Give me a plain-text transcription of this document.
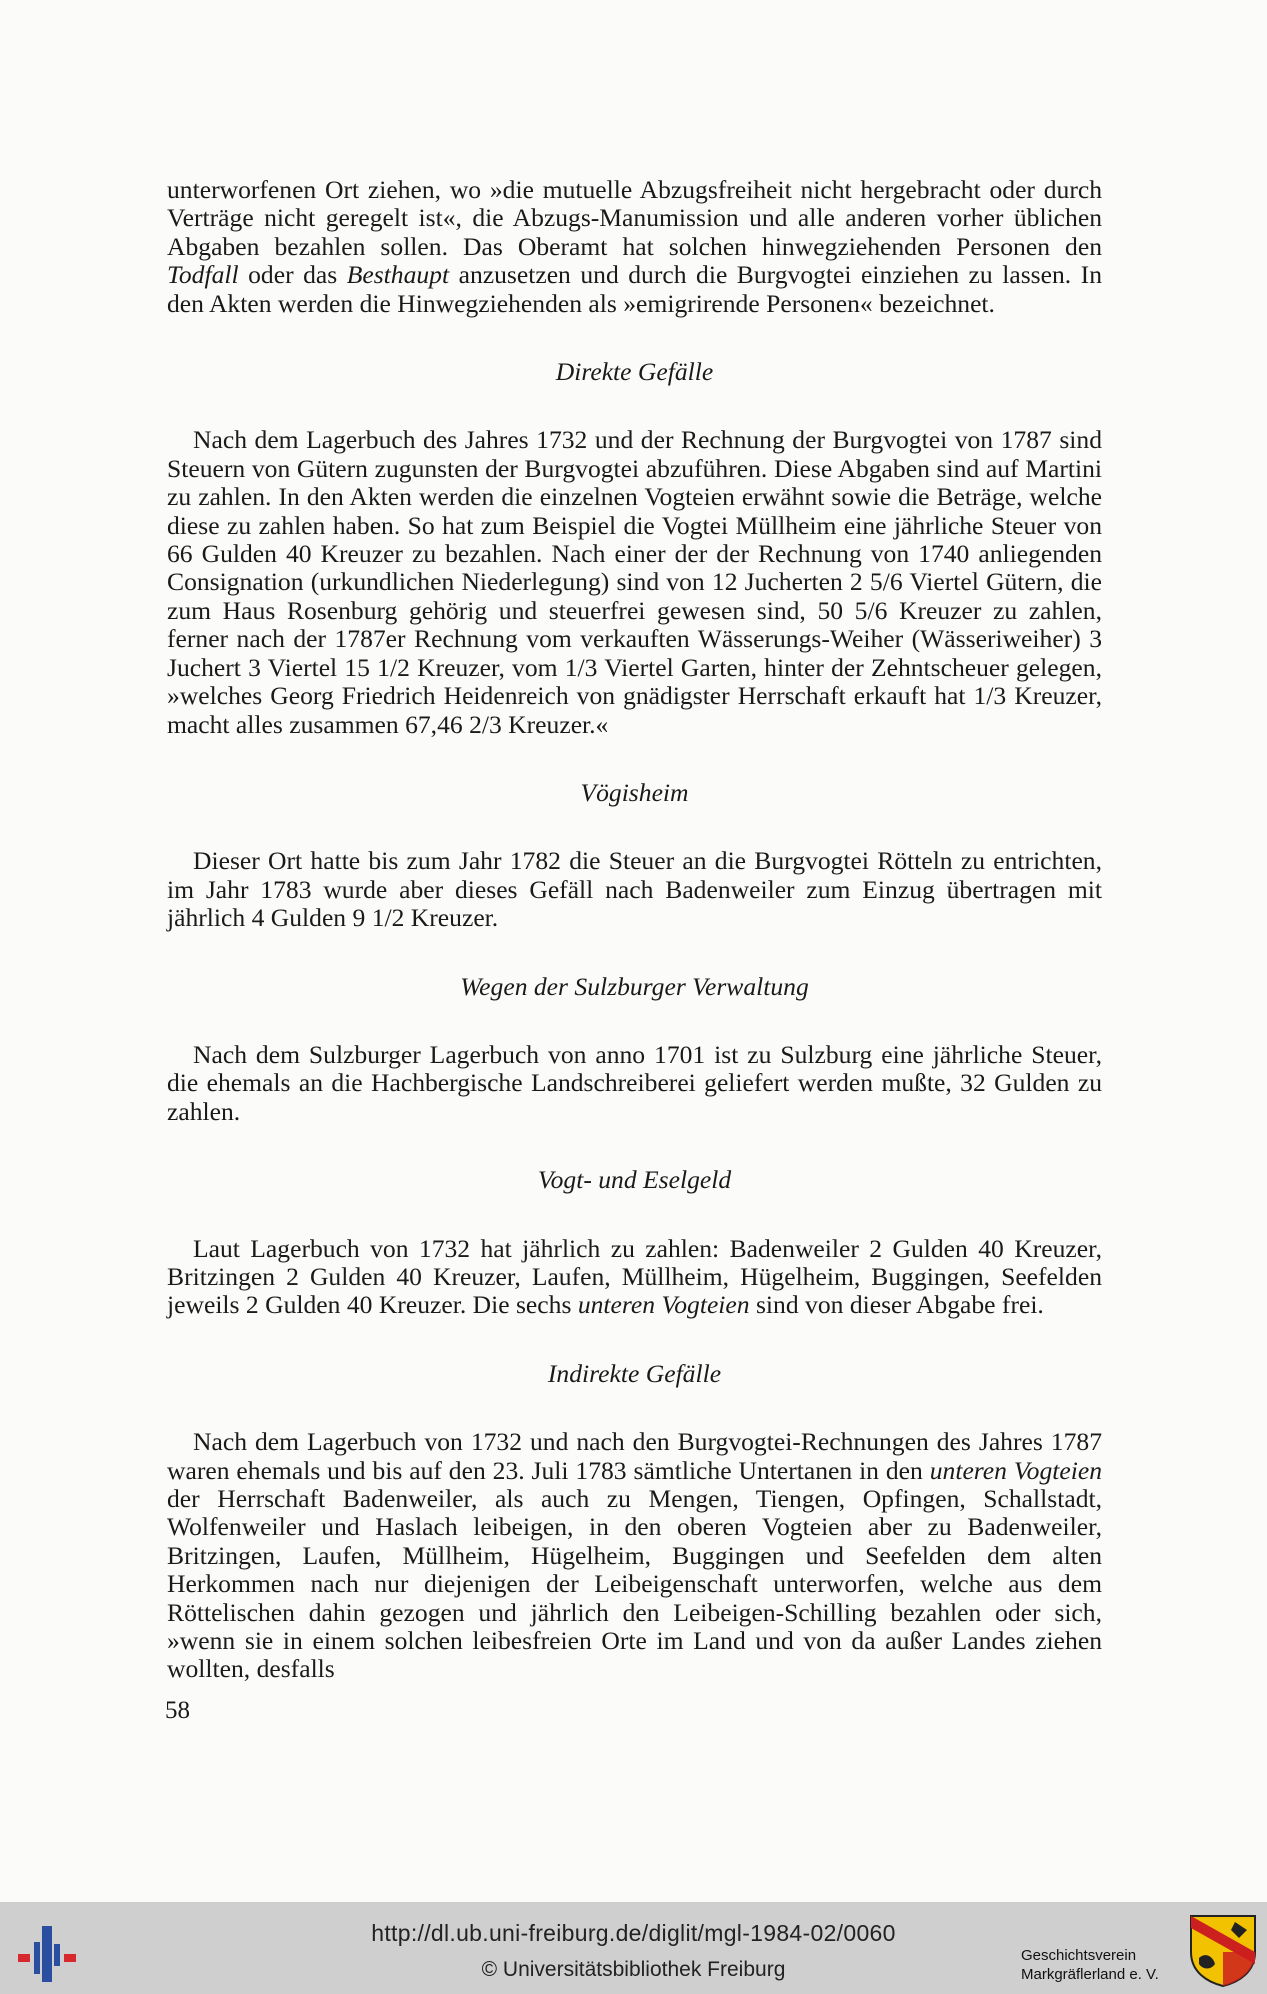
unterworfenen Ort ziehen, wo »die mutuelle Abzugsfreiheit nicht hergebracht oder durch Verträge nicht geregelt ist«, die Abzugs-Manumission und alle anderen vorher üblichen Abgaben bezahlen sollen. Das Oberamt hat solchen hinwegziehenden Personen den Todfall oder das Besthaupt anzusetzen und durch die Burgvogtei einziehen zu lassen. In den Akten werden die Hinwegziehenden als »emigrirende Personen« bezeichnet.

Direkte Gefälle

Nach dem Lagerbuch des Jahres 1732 und der Rechnung der Burgvogtei von 1787 sind Steuern von Gütern zugunsten der Burgvogtei abzuführen. Diese Abgaben sind auf Martini zu zahlen. In den Akten werden die einzelnen Vogteien erwähnt sowie die Beträge, welche diese zu zahlen haben. So hat zum Beispiel die Vogtei Müllheim eine jährliche Steuer von 66 Gulden 40 Kreuzer zu bezahlen. Nach einer der der Rechnung von 1740 anliegenden Consignation (urkundlichen Niederlegung) sind von 12 Jucherten 2 5/6 Viertel Gütern, die zum Haus Rosenburg gehörig und steuerfrei gewesen sind, 50 5/6 Kreuzer zu zahlen, ferner nach der 1787er Rechnung vom verkauften Wässerungs-Weiher (Wässeriweiher) 3 Juchert 3 Viertel 15 1/2 Kreuzer, vom 1/3 Viertel Garten, hinter der Zehntscheuer gelegen, »welches Georg Friedrich Heidenreich von gnädigster Herrschaft erkauft hat 1/3 Kreuzer, macht alles zusammen 67,46 2/3 Kreuzer.«

Vögisheim

Dieser Ort hatte bis zum Jahr 1782 die Steuer an die Burgvogtei Rötteln zu entrichten, im Jahr 1783 wurde aber dieses Gefäll nach Badenweiler zum Einzug übertragen mit jährlich 4 Gulden 9 1/2 Kreuzer.

Wegen der Sulzburger Verwaltung

Nach dem Sulzburger Lagerbuch von anno 1701 ist zu Sulzburg eine jährliche Steuer, die ehemals an die Hachbergische Landschreiberei geliefert werden mußte, 32 Gulden zu zahlen.

Vogt- und Eselgeld

Laut Lagerbuch von 1732 hat jährlich zu zahlen: Badenweiler 2 Gulden 40 Kreuzer, Britzingen 2 Gulden 40 Kreuzer, Laufen, Müllheim, Hügelheim, Buggingen, Seefelden jeweils 2 Gulden 40 Kreuzer. Die sechs unteren Vogteien sind von dieser Abgabe frei.

Indirekte Gefälle

Nach dem Lagerbuch von 1732 und nach den Burgvogtei-Rechnungen des Jahres 1787 waren ehemals und bis auf den 23. Juli 1783 sämtliche Untertanen in den unteren Vogteien der Herrschaft Badenweiler, als auch zu Mengen, Tiengen, Opfingen, Schallstadt, Wolfenweiler und Haslach leibeigen, in den oberen Vogteien aber zu Badenweiler, Britzingen, Laufen, Müllheim, Hügelheim, Buggingen und Seefelden dem alten Herkommen nach nur diejenigen der Leibeigenschaft unterworfen, welche aus dem Röttelischen dahin gezogen und jährlich den Leibeigen-Schilling bezahlen oder sich, »wenn sie in einem solchen leibesfreien Orte im Land und von da außer Landes ziehen wollten, desfalls

58
http://dl.ub.uni-freiburg.de/diglit/mgl-1984-02/0060
© Universitätsbibliothek Freiburg
Geschichtsverein
Markgräflerland e. V.
